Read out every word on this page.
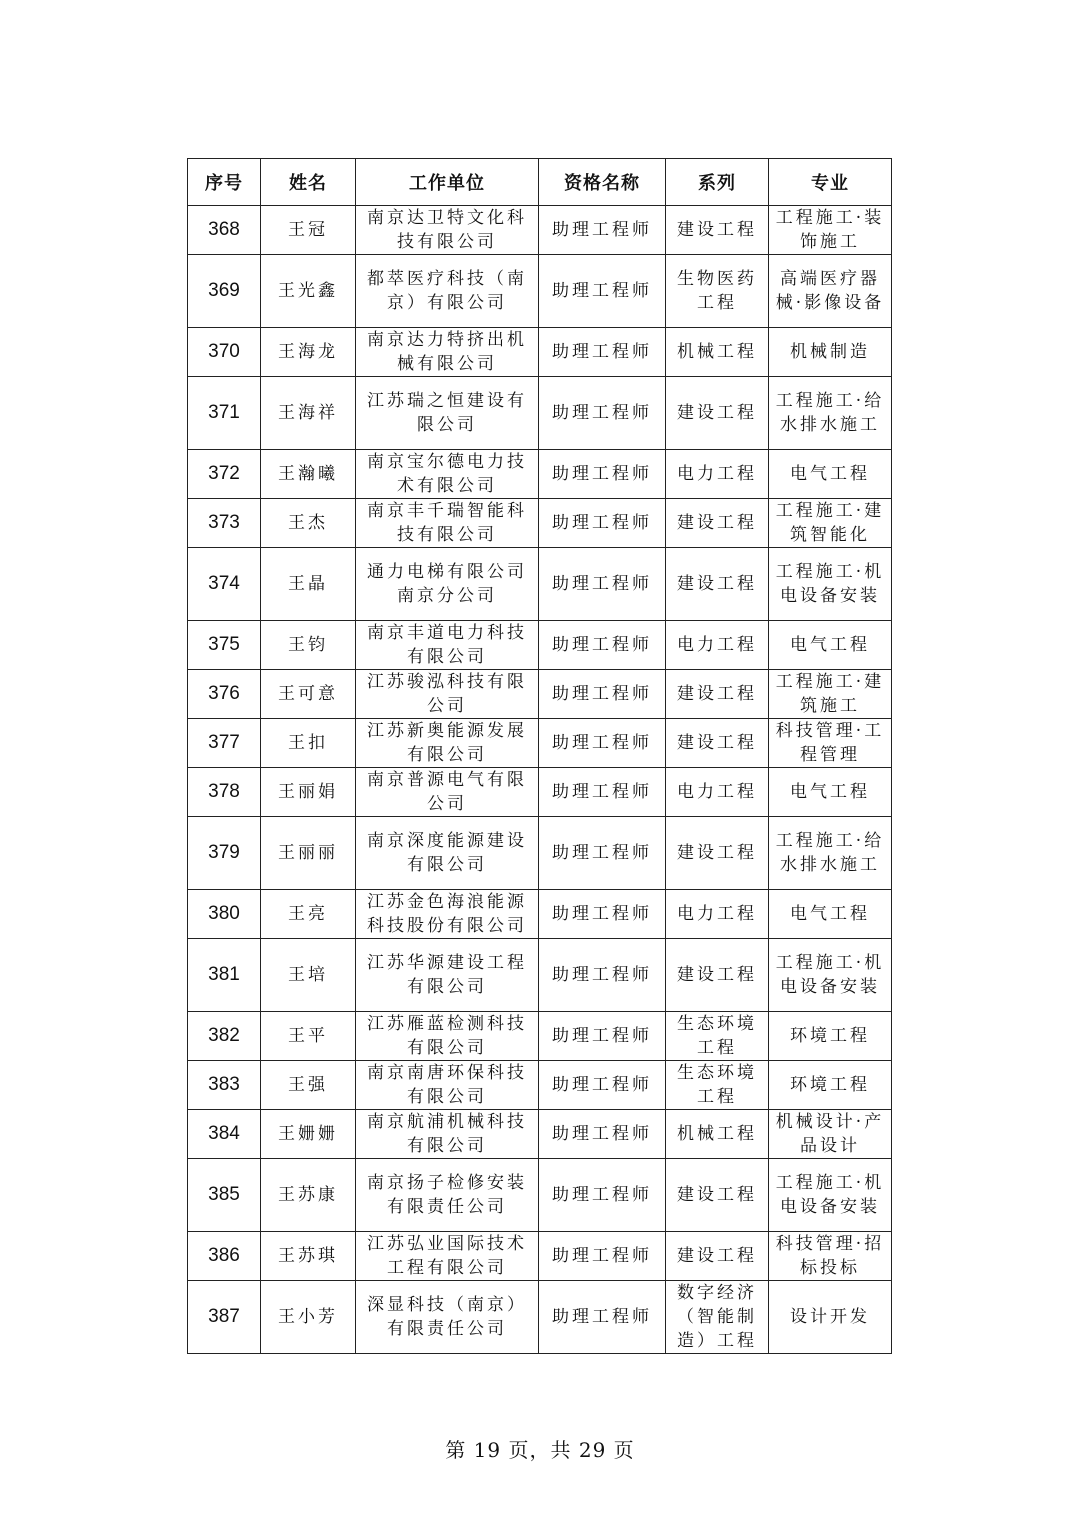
序号	姓名	工作单位	资格名称	系列	专业
368	王冠	南京达卫特文化科技有限公司	助理工程师	建设工程	工程施工·装饰施工
369	王光鑫	都萃医疗科技（南京）有限公司	助理工程师	生物医药工程	高端医疗器械·影像设备
370	王海龙	南京达力特挤出机械有限公司	助理工程师	机械工程	机械制造
371	王海祥	江苏瑞之恒建设有限公司	助理工程师	建设工程	工程施工·给水排水施工
372	王瀚曦	南京宝尔德电力技术有限公司	助理工程师	电力工程	电气工程
373	王杰	南京丰千瑞智能科技有限公司	助理工程师	建设工程	工程施工·建筑智能化
374	王晶	通力电梯有限公司南京分公司	助理工程师	建设工程	工程施工·机电设备安装
375	王钧	南京丰道电力科技有限公司	助理工程师	电力工程	电气工程
376	王可意	江苏骏泓科技有限公司	助理工程师	建设工程	工程施工·建筑施工
377	王扣	江苏新奥能源发展有限公司	助理工程师	建设工程	科技管理·工程管理
378	王丽娟	南京普源电气有限公司	助理工程师	电力工程	电气工程
379	王丽丽	南京深度能源建设有限公司	助理工程师	建设工程	工程施工·给水排水施工
380	王亮	江苏金色海浪能源科技股份有限公司	助理工程师	电力工程	电气工程
381	王培	江苏华源建设工程有限公司	助理工程师	建设工程	工程施工·机电设备安装
382	王平	江苏雁蓝检测科技有限公司	助理工程师	生态环境工程	环境工程
383	王强	南京南唐环保科技有限公司	助理工程师	生态环境工程	环境工程
384	王姗姗	南京航浦机械科技有限公司	助理工程师	机械工程	机械设计·产品设计
385	王苏康	南京扬子检修安装有限责任公司	助理工程师	建设工程	工程施工·机电设备安装
386	王苏琪	江苏弘业国际技术工程有限公司	助理工程师	建设工程	科技管理·招标投标
387	王小芳	深显科技（南京）有限责任公司	助理工程师	数字经济（智能制造）工程	设计开发
第 19 页，共 29 页
